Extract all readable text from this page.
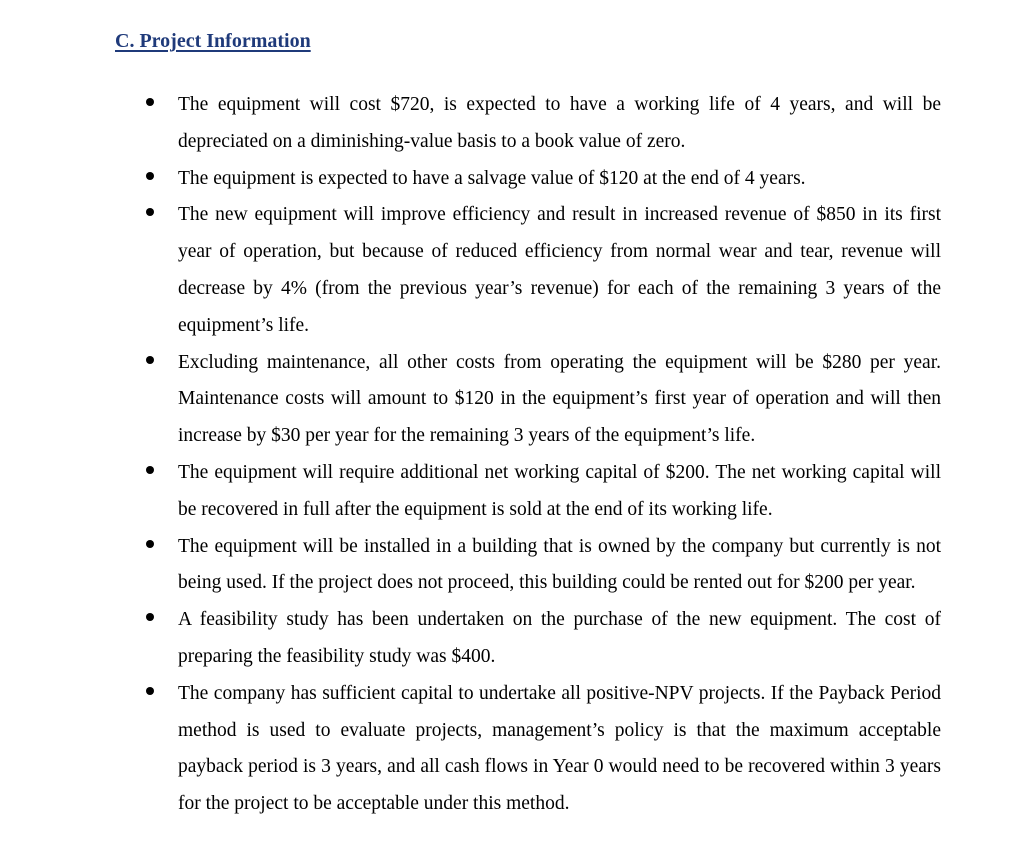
C. Project Information
The equipment will cost $720, is expected to have a working life of 4 years, and will be depreciated on a diminishing-value basis to a book value of zero.
The equipment is expected to have a salvage value of $120 at the end of 4 years.
The new equipment will improve efficiency and result in increased revenue of $850 in its first year of operation, but because of reduced efficiency from normal wear and tear, revenue will decrease by 4% (from the previous year’s revenue) for each of the remaining 3 years of the equipment’s life.
Excluding maintenance, all other costs from operating the equipment will be $280 per year. Maintenance costs will amount to $120 in the equipment’s first year of operation and will then increase by $30 per year for the remaining 3 years of the equipment’s life.
The equipment will require additional net working capital of $200. The net working capital will be recovered in full after the equipment is sold at the end of its working life.
The equipment will be installed in a building that is owned by the company but currently is not being used. If the project does not proceed, this building could be rented out for $200 per year.
A feasibility study has been undertaken on the purchase of the new equipment. The cost of preparing the feasibility study was $400.
The company has sufficient capital to undertake all positive-NPV projects. If the Payback Period method is used to evaluate projects, management’s policy is that the maximum acceptable payback period is 3 years, and all cash flows in Year 0 would need to be recovered within 3 years for the project to be acceptable under this method.
